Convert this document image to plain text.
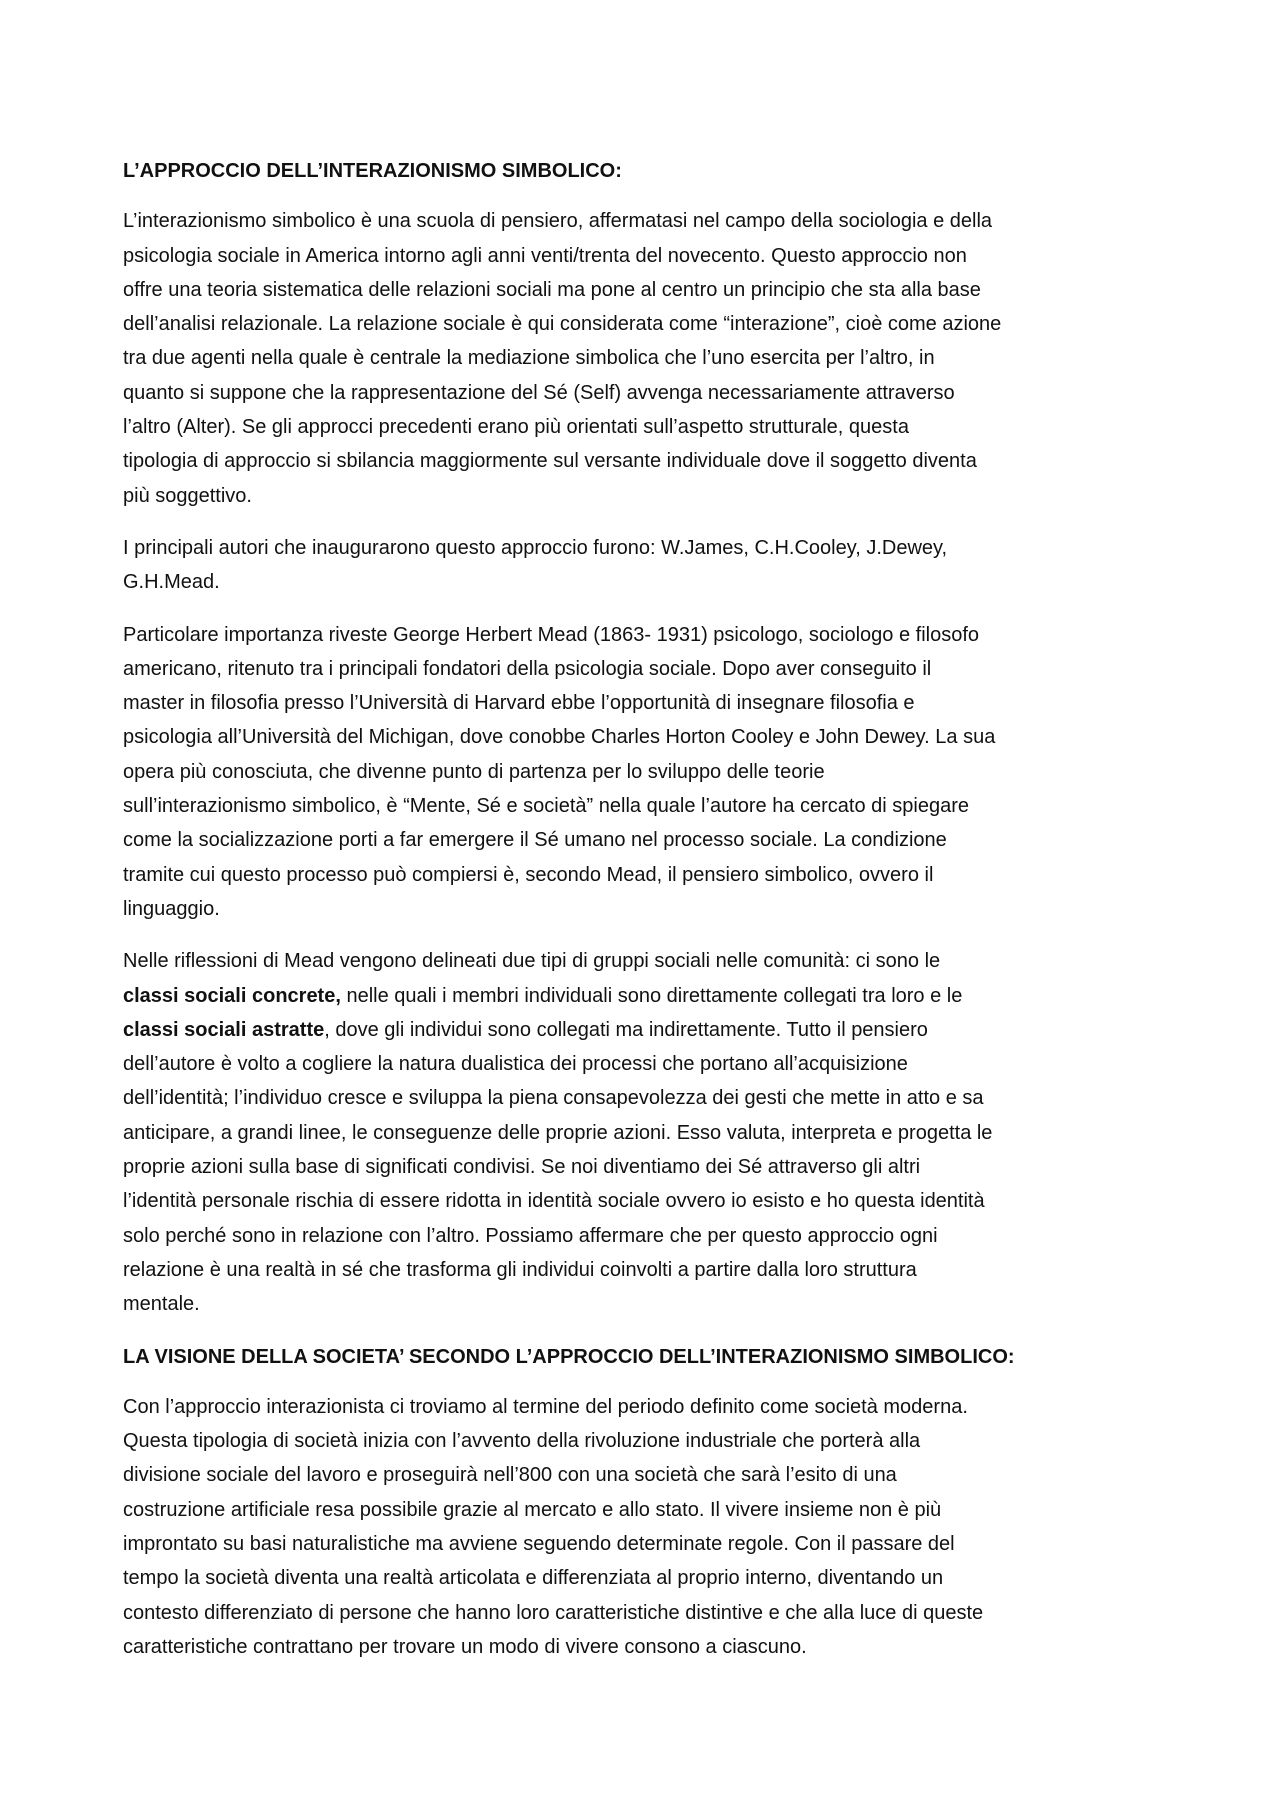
L’APPROCCIO DELL’INTERAZIONISMO SIMBOLICO:
L’interazionismo simbolico è una scuola di pensiero, affermatasi nel campo della sociologia e della
psicologia sociale in America intorno agli anni venti/trenta del novecento. Questo approccio non
offre una teoria sistematica delle relazioni sociali ma pone al centro un principio che sta alla base
dell’analisi relazionale. La relazione sociale è qui considerata come “interazione”, cioè come azione
tra due agenti nella quale è centrale la mediazione simbolica che l’uno esercita per l’altro, in
quanto si suppone che la rappresentazione del Sé (Self) avvenga necessariamente attraverso
l’altro (Alter). Se gli approcci precedenti erano più orientati sull’aspetto strutturale, questa
tipologia di approccio si sbilancia maggiormente sul versante individuale dove il soggetto diventa
più soggettivo.
I principali autori che inaugurarono questo approccio furono: W.James, C.H.Cooley, J.Dewey,
G.H.Mead.
Particolare importanza riveste George Herbert Mead (1863- 1931) psicologo, sociologo e filosofo
americano, ritenuto tra i principali fondatori della psicologia sociale. Dopo aver conseguito il
master in filosofia presso l’Università di Harvard ebbe l’opportunità di insegnare filosofia e
psicologia all’Università del Michigan, dove conobbe Charles Horton Cooley e John Dewey. La sua
opera più conosciuta, che divenne punto di partenza per lo sviluppo delle teorie
sull’interazionismo simbolico, è “Mente, Sé e società” nella quale l’autore ha cercato di spiegare
come la socializzazione porti a far emergere il Sé umano nel processo sociale. La condizione
tramite cui questo processo può compiersi è, secondo Mead, il pensiero simbolico, ovvero il
linguaggio.
Nelle riflessioni di Mead vengono delineati due tipi di gruppi sociali nelle comunità: ci sono le
classi sociali concrete, nelle quali i membri individuali sono direttamente collegati tra loro e le
classi sociali astratte, dove gli individui sono collegati ma indirettamente. Tutto il pensiero
dell’autore è volto a cogliere la natura dualistica dei processi che portano all’acquisizione
dell’identità; l’individuo cresce e sviluppa la piena consapevolezza dei gesti che mette in atto e sa
anticipare, a grandi linee, le conseguenze delle proprie azioni. Esso valuta, interpreta e progetta le
proprie azioni sulla base di significati condivisi. Se noi diventiamo dei Sé attraverso gli altri
l’identità personale rischia di essere ridotta in identità sociale ovvero io esisto e ho questa identità
solo perché sono in relazione con l’altro. Possiamo affermare che per questo approccio ogni
relazione è una realtà in sé che trasforma gli individui coinvolti a partire dalla loro struttura
mentale.
LA VISIONE DELLA SOCIETA’ SECONDO L’APPROCCIO DELL’INTERAZIONISMO SIMBOLICO:
Con l’approccio interazionista ci troviamo al termine del periodo definito come società moderna.
Questa tipologia di società inizia con l’avvento della rivoluzione industriale che porterà alla
divisione sociale del lavoro e proseguirà nell’800 con una società che sarà l’esito di una
costruzione artificiale resa possibile grazie al mercato e allo stato. Il vivere insieme non è più
improntato su basi naturalistiche ma avviene seguendo determinate regole. Con il passare del
tempo la società diventa una realtà articolata e differenziata al proprio interno, diventando un
contesto differenziato di persone che hanno loro caratteristiche distintive e che alla luce di queste
caratteristiche contrattano per trovare un modo di vivere consono a ciascuno.
